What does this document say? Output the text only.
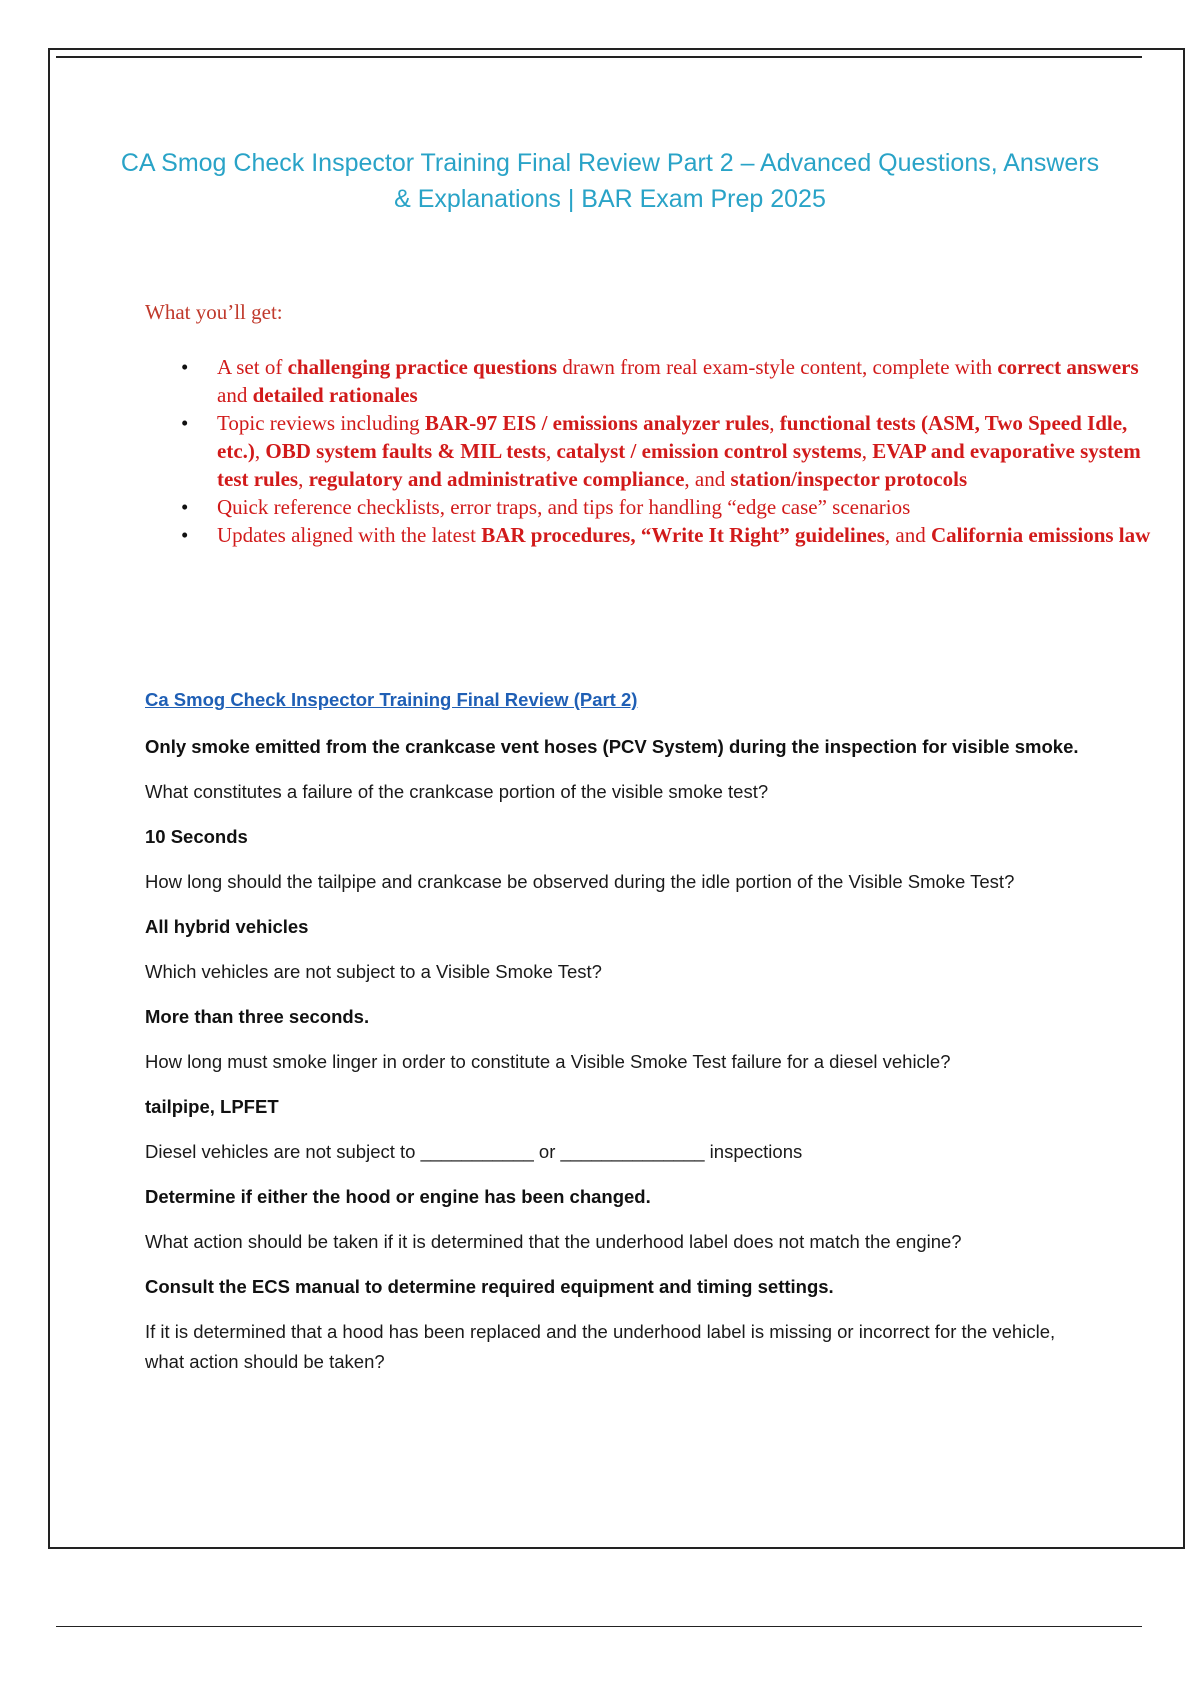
CA Smog Check Inspector Training Final Review Part 2 – Advanced Questions, Answers & Explanations | BAR Exam Prep 2025
What you’ll get:
• A set of challenging practice questions drawn from real exam-style content, complete with correct answers and detailed rationales
• Topic reviews including BAR-97 EIS / emissions analyzer rules, functional tests (ASM, Two Speed Idle, etc.), OBD system faults & MIL tests, catalyst / emission control systems, EVAP and evaporative system test rules, regulatory and administrative compliance, and station/inspector protocols
• Quick reference checklists, error traps, and tips for handling “edge case” scenarios
• Updates aligned with the latest BAR procedures, “Write It Right” guidelines, and California emissions law
Ca Smog Check Inspector Training Final Review (Part 2)

Only smoke emitted from the crankcase vent hoses (PCV System) during the inspection for visible smoke.

What constitutes a failure of the crankcase portion of the visible smoke test?

10 Seconds

How long should the tailpipe and crankcase be observed during the idle portion of the Visible Smoke Test?

All hybrid vehicles

Which vehicles are not subject to a Visible Smoke Test?

More than three seconds.

How long must smoke linger in order to constitute a Visible Smoke Test failure for a diesel vehicle?

tailpipe, LPFET

Diesel vehicles are not subject to ___________ or ______________ inspections

Determine if either the hood or engine has been changed.

What action should be taken if it is determined that the underhood label does not match the engine?

Consult the ECS manual to determine required equipment and timing settings.

If it is determined that a hood has been replaced and the underhood label is missing or incorrect for the vehicle, what action should be taken?
